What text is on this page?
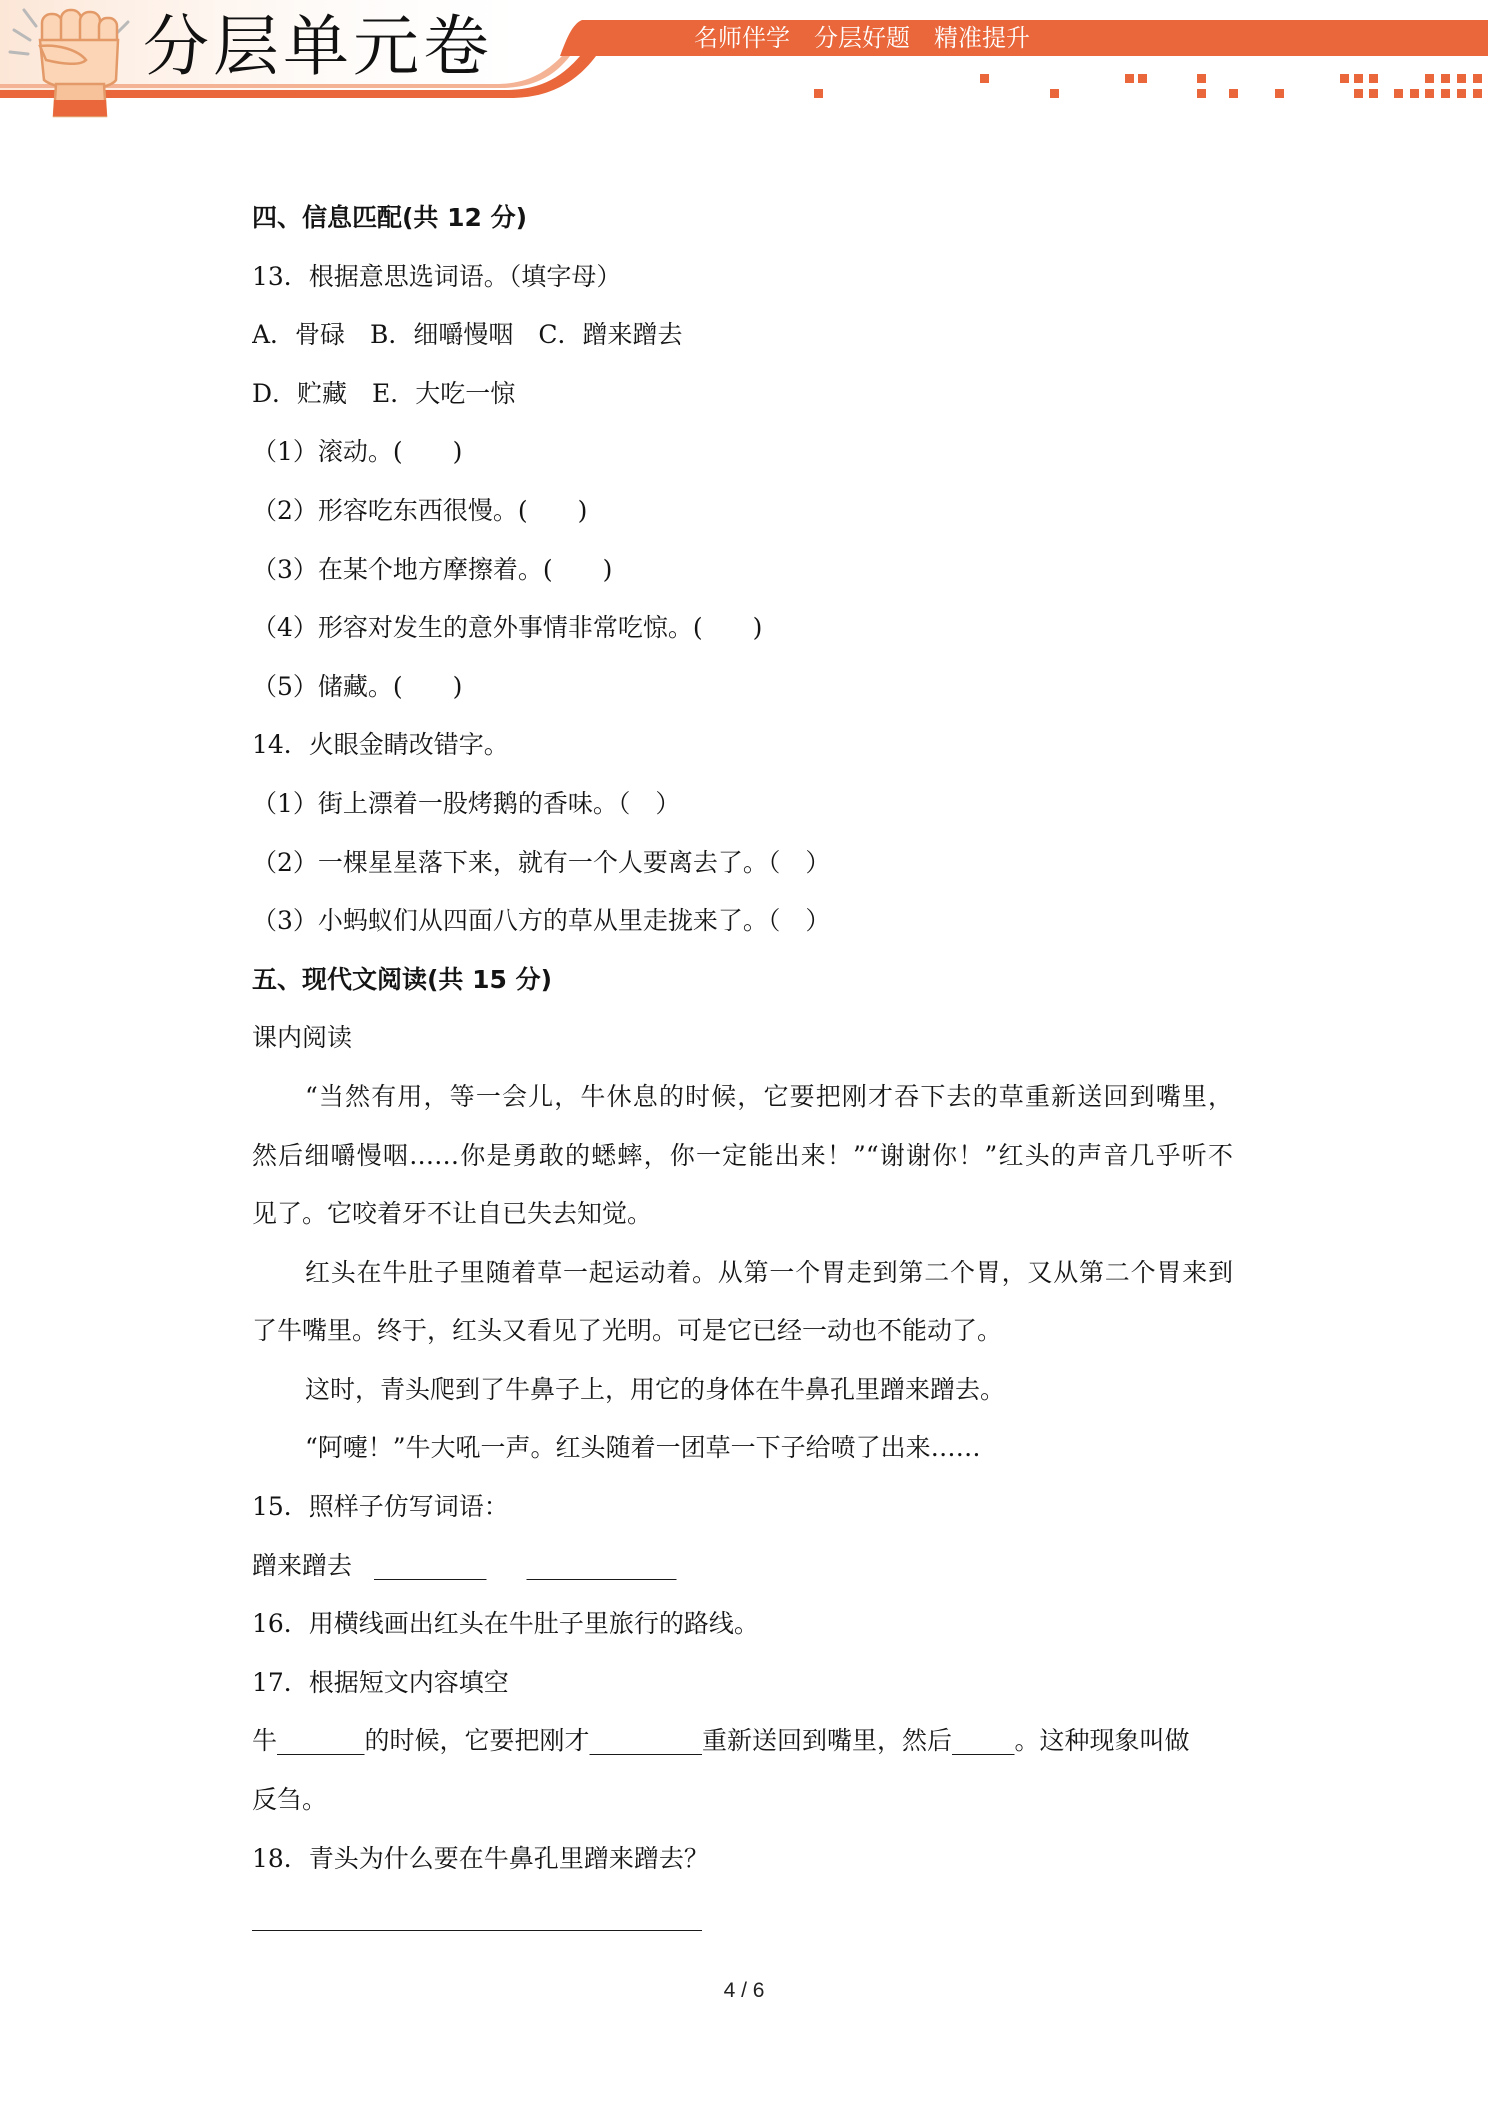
分层单元卷	名师伴学　分层好题　精准提升
四、信息匹配(共 12 分)
13．根据意思选词语。（填字母）
A．骨碌　B．细嚼慢咽　C．蹭来蹭去
D．贮藏　E．大吃一惊
（1）滚动。(　　)
（2）形容吃东西很慢。(　　)
（3）在某个地方摩擦着。(　　)
（4）形容对发生的意外事情非常吃惊。(　　)
（5）储藏。(　　)
14．火眼金睛改错字。
（1）街上漂着一股烤鹅的香味。（　）
（2）一棵星星落下来，就有一个人要离去了。（　）
（3）小蚂蚁们从四面八方的草从里走拢来了。（　）
五、现代文阅读(共 15 分)
课内阅读
“当然有用，等一会儿，牛休息的时候，它要把刚才吞下去的草重新送回到嘴里，
然后细嚼慢咽……你是勇敢的蟋蟀，你一定能出来！”“谢谢你！”红头的声音几乎听不
见了。它咬着牙不让自已失去知觉。
红头在牛肚子里随着草一起运动着。从第一个胃走到第二个胃，又从第二个胃来到
了牛嘴里。终于，红头又看见了光明。可是它已经一动也不能动了。
这时，青头爬到了牛鼻子上，用它的身体在牛鼻孔里蹭来蹭去。
“阿嚏！”牛大吼一声。红头随着一团草一下子给喷了出来……
15．照样子仿写词语：
蹭来蹭去 _________ ____________
16．用横线画出红头在牛肚子里旅行的路线。
17．根据短文内容填空
牛_______的时候，它要把刚才_________重新送回到嘴里，然后_____。这种现象叫做
反刍。
18．青头为什么要在牛鼻孔里蹭来蹭去？
____________________________________
4 / 6
